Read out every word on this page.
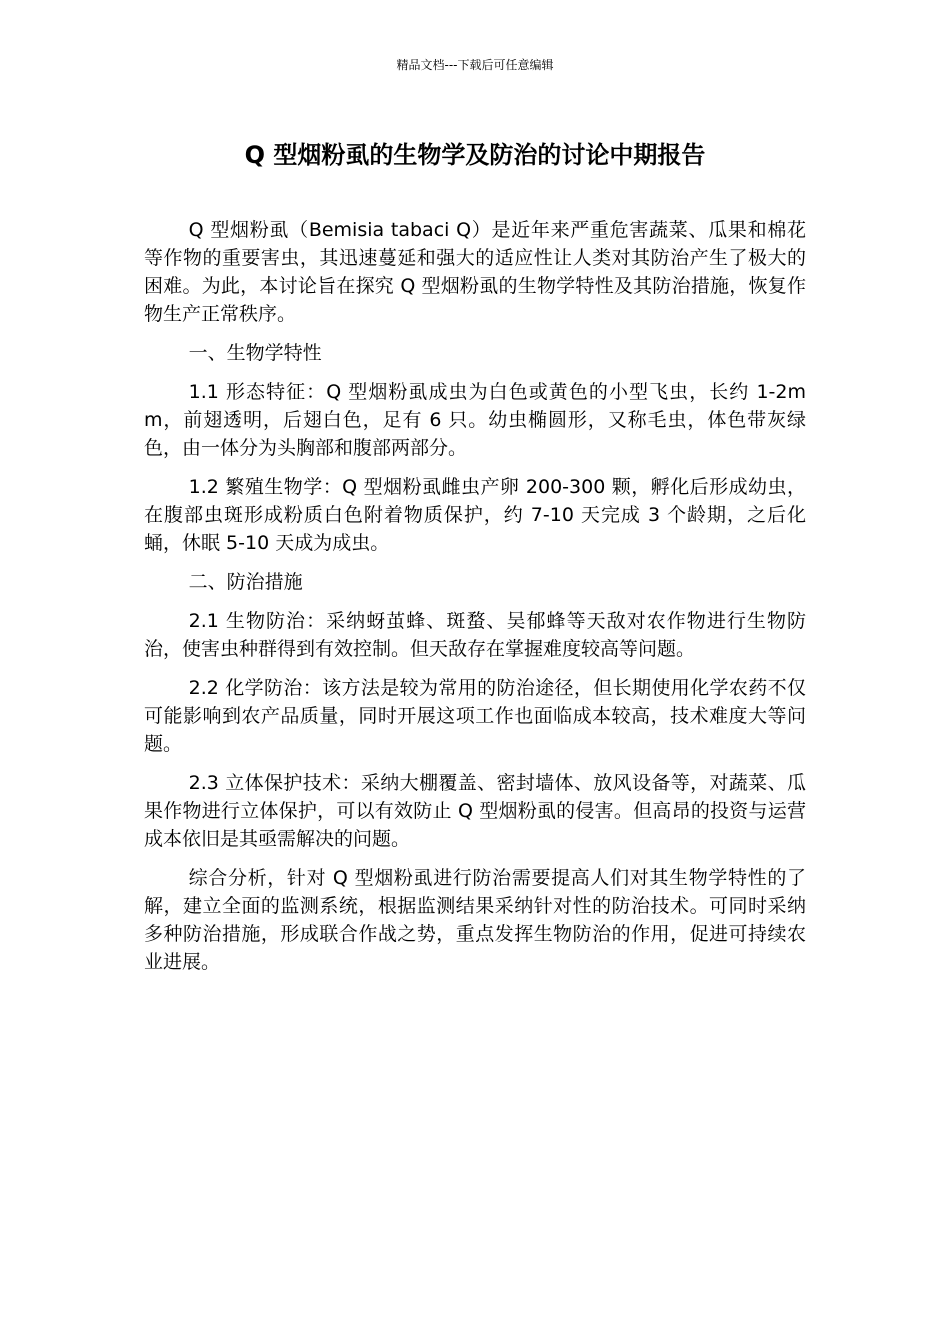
精品文档---下载后可任意编辑
Q 型烟粉虱的生物学及防治的讨论中期报告

Q 型烟粉虱（Bemisia tabaci Q）是近年来严重危害蔬菜、瓜果和棉花等作物的重要害虫，其迅速蔓延和强大的适应性让人类对其防治产生了极大的困难。为此，本讨论旨在探究 Q 型烟粉虱的生物学特性及其防治措施，恢复作物生产正常秩序。

一、生物学特性

1.1 形态特征：Q 型烟粉虱成虫为白色或黄色的小型飞虫，长约 1-2mm，前翅透明，后翅白色，足有 6 只。幼虫椭圆形，又称毛虫，体色带灰绿色，由一体分为头胸部和腹部两部分。

1.2 繁殖生物学：Q 型烟粉虱雌虫产卵 200-300 颗，孵化后形成幼虫，在腹部虫斑形成粉质白色附着物质保护，约 7-10 天完成 3 个龄期，之后化蛹，休眠 5-10 天成为成虫。

二、防治措施

2.1 生物防治：采纳蚜茧蜂、斑蝥、吴郁蜂等天敌对农作物进行生物防治，使害虫种群得到有效控制。但天敌存在掌握难度较高等问题。

2.2 化学防治：该方法是较为常用的防治途径，但长期使用化学农药不仅可能影响到农产品质量，同时开展这项工作也面临成本较高，技术难度大等问题。

2.3 立体保护技术：采纳大棚覆盖、密封墙体、放风设备等，对蔬菜、瓜果作物进行立体保护，可以有效防止 Q 型烟粉虱的侵害。但高昂的投资与运营成本依旧是其亟需解决的问题。

综合分析，针对 Q 型烟粉虱进行防治需要提高人们对其生物学特性的了解，建立全面的监测系统，根据监测结果采纳针对性的防治技术。可同时采纳多种防治措施，形成联合作战之势，重点发挥生物防治的作用，促进可持续农业进展。
